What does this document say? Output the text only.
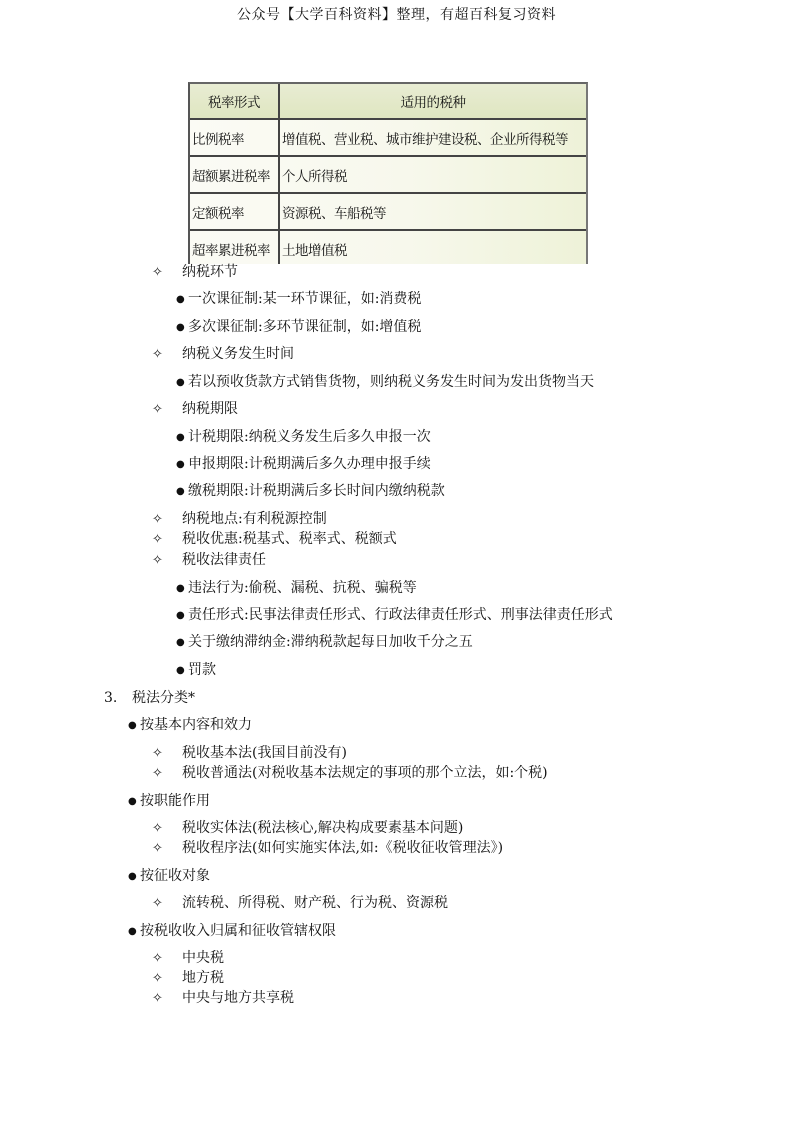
公众号【大学百科资料】整理，有超百科复习资料
税率形式	适用的税种
比例税率	增值税、营业税、城市维护建设税、企业所得税等
超额累进税率	个人所得税
定额税率	资源税、车船税等
超率累进税率	土地增值税
✧ 纳税环节
● 一次课征制:某一环节课征，如:消费税
● 多次课征制:多环节课征制，如:增值税
✧ 纳税义务发生时间
● 若以预收货款方式销售货物，则纳税义务发生时间为发出货物当天
✧ 纳税期限
● 计税期限:纳税义务发生后多久申报一次
● 申报期限:计税期满后多久办理申报手续
● 缴税期限:计税期满后多长时间内缴纳税款
✧ 纳税地点:有利税源控制
✧ 税收优惠:税基式、税率式、税额式
✧ 税收法律责任
● 违法行为:偷税、漏税、抗税、骗税等
● 责任形式:民事法律责任形式、行政法律责任形式、刑事法律责任形式
● 关于缴纳滞纳金:滞纳税款起每日加收千分之五
● 罚款
3. 税法分类*
● 按基本内容和效力
✧ 税收基本法(我国目前没有)
✧ 税收普通法(对税收基本法规定的事项的那个立法，如:个税)
● 按职能作用
✧ 税收实体法(税法核心,解决构成要素基本问题)
✧ 税收程序法(如何实施实体法,如:《税收征收管理法》)
● 按征收对象
✧ 流转税、所得税、财产税、行为税、资源税
● 按税收收入归属和征收管辖权限
✧ 中央税
✧ 地方税
✧ 中央与地方共享税
